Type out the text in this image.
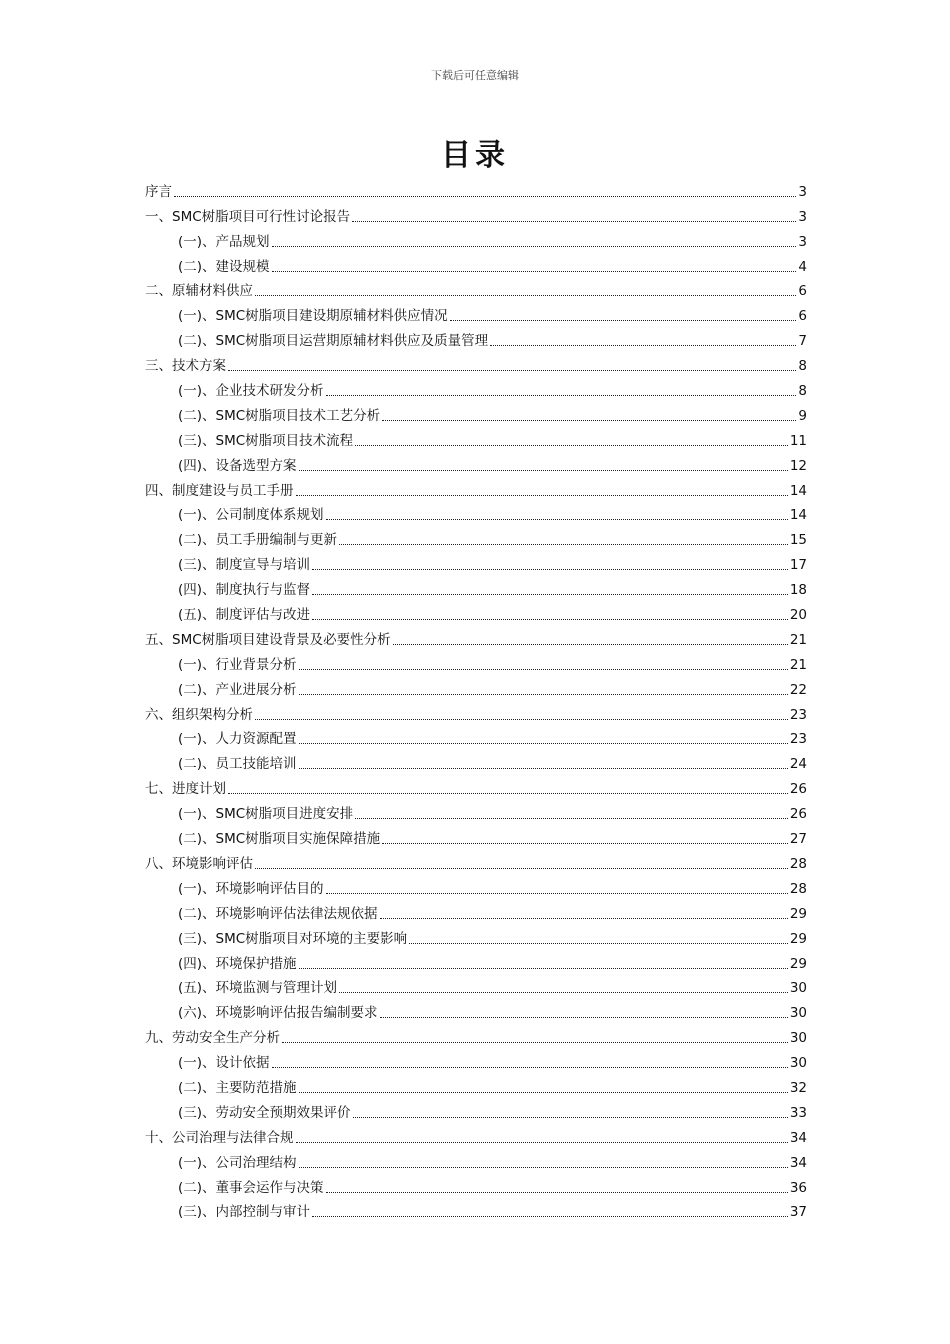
下载后可任意编辑
目录
序言	3
一、SMC树脂项目可行性讨论报告	3
(一)、产品规划	3
(二)、建设规模	4
二、原辅材料供应	6
(一)、SMC树脂项目建设期原辅材料供应情况	6
(二)、SMC树脂项目运营期原辅材料供应及质量管理	7
三、技术方案	8
(一)、企业技术研发分析	8
(二)、SMC树脂项目技术工艺分析	9
(三)、SMC树脂项目技术流程	11
(四)、设备选型方案	12
四、制度建设与员工手册	14
(一)、公司制度体系规划	14
(二)、员工手册编制与更新	15
(三)、制度宣导与培训	17
(四)、制度执行与监督	18
(五)、制度评估与改进	20
五、SMC树脂项目建设背景及必要性分析	21
(一)、行业背景分析	21
(二)、产业进展分析	22
六、组织架构分析	23
(一)、人力资源配置	23
(二)、员工技能培训	24
七、进度计划	26
(一)、SMC树脂项目进度安排	26
(二)、SMC树脂项目实施保障措施	27
八、环境影响评估	28
(一)、环境影响评估目的	28
(二)、环境影响评估法律法规依据	29
(三)、SMC树脂项目对环境的主要影响	29
(四)、环境保护措施	29
(五)、环境监测与管理计划	30
(六)、环境影响评估报告编制要求	30
九、劳动安全生产分析	30
(一)、设计依据	30
(二)、主要防范措施	32
(三)、劳动安全预期效果评价	33
十、公司治理与法律合规	34
(一)、公司治理结构	34
(二)、董事会运作与决策	36
(三)、内部控制与审计	37
